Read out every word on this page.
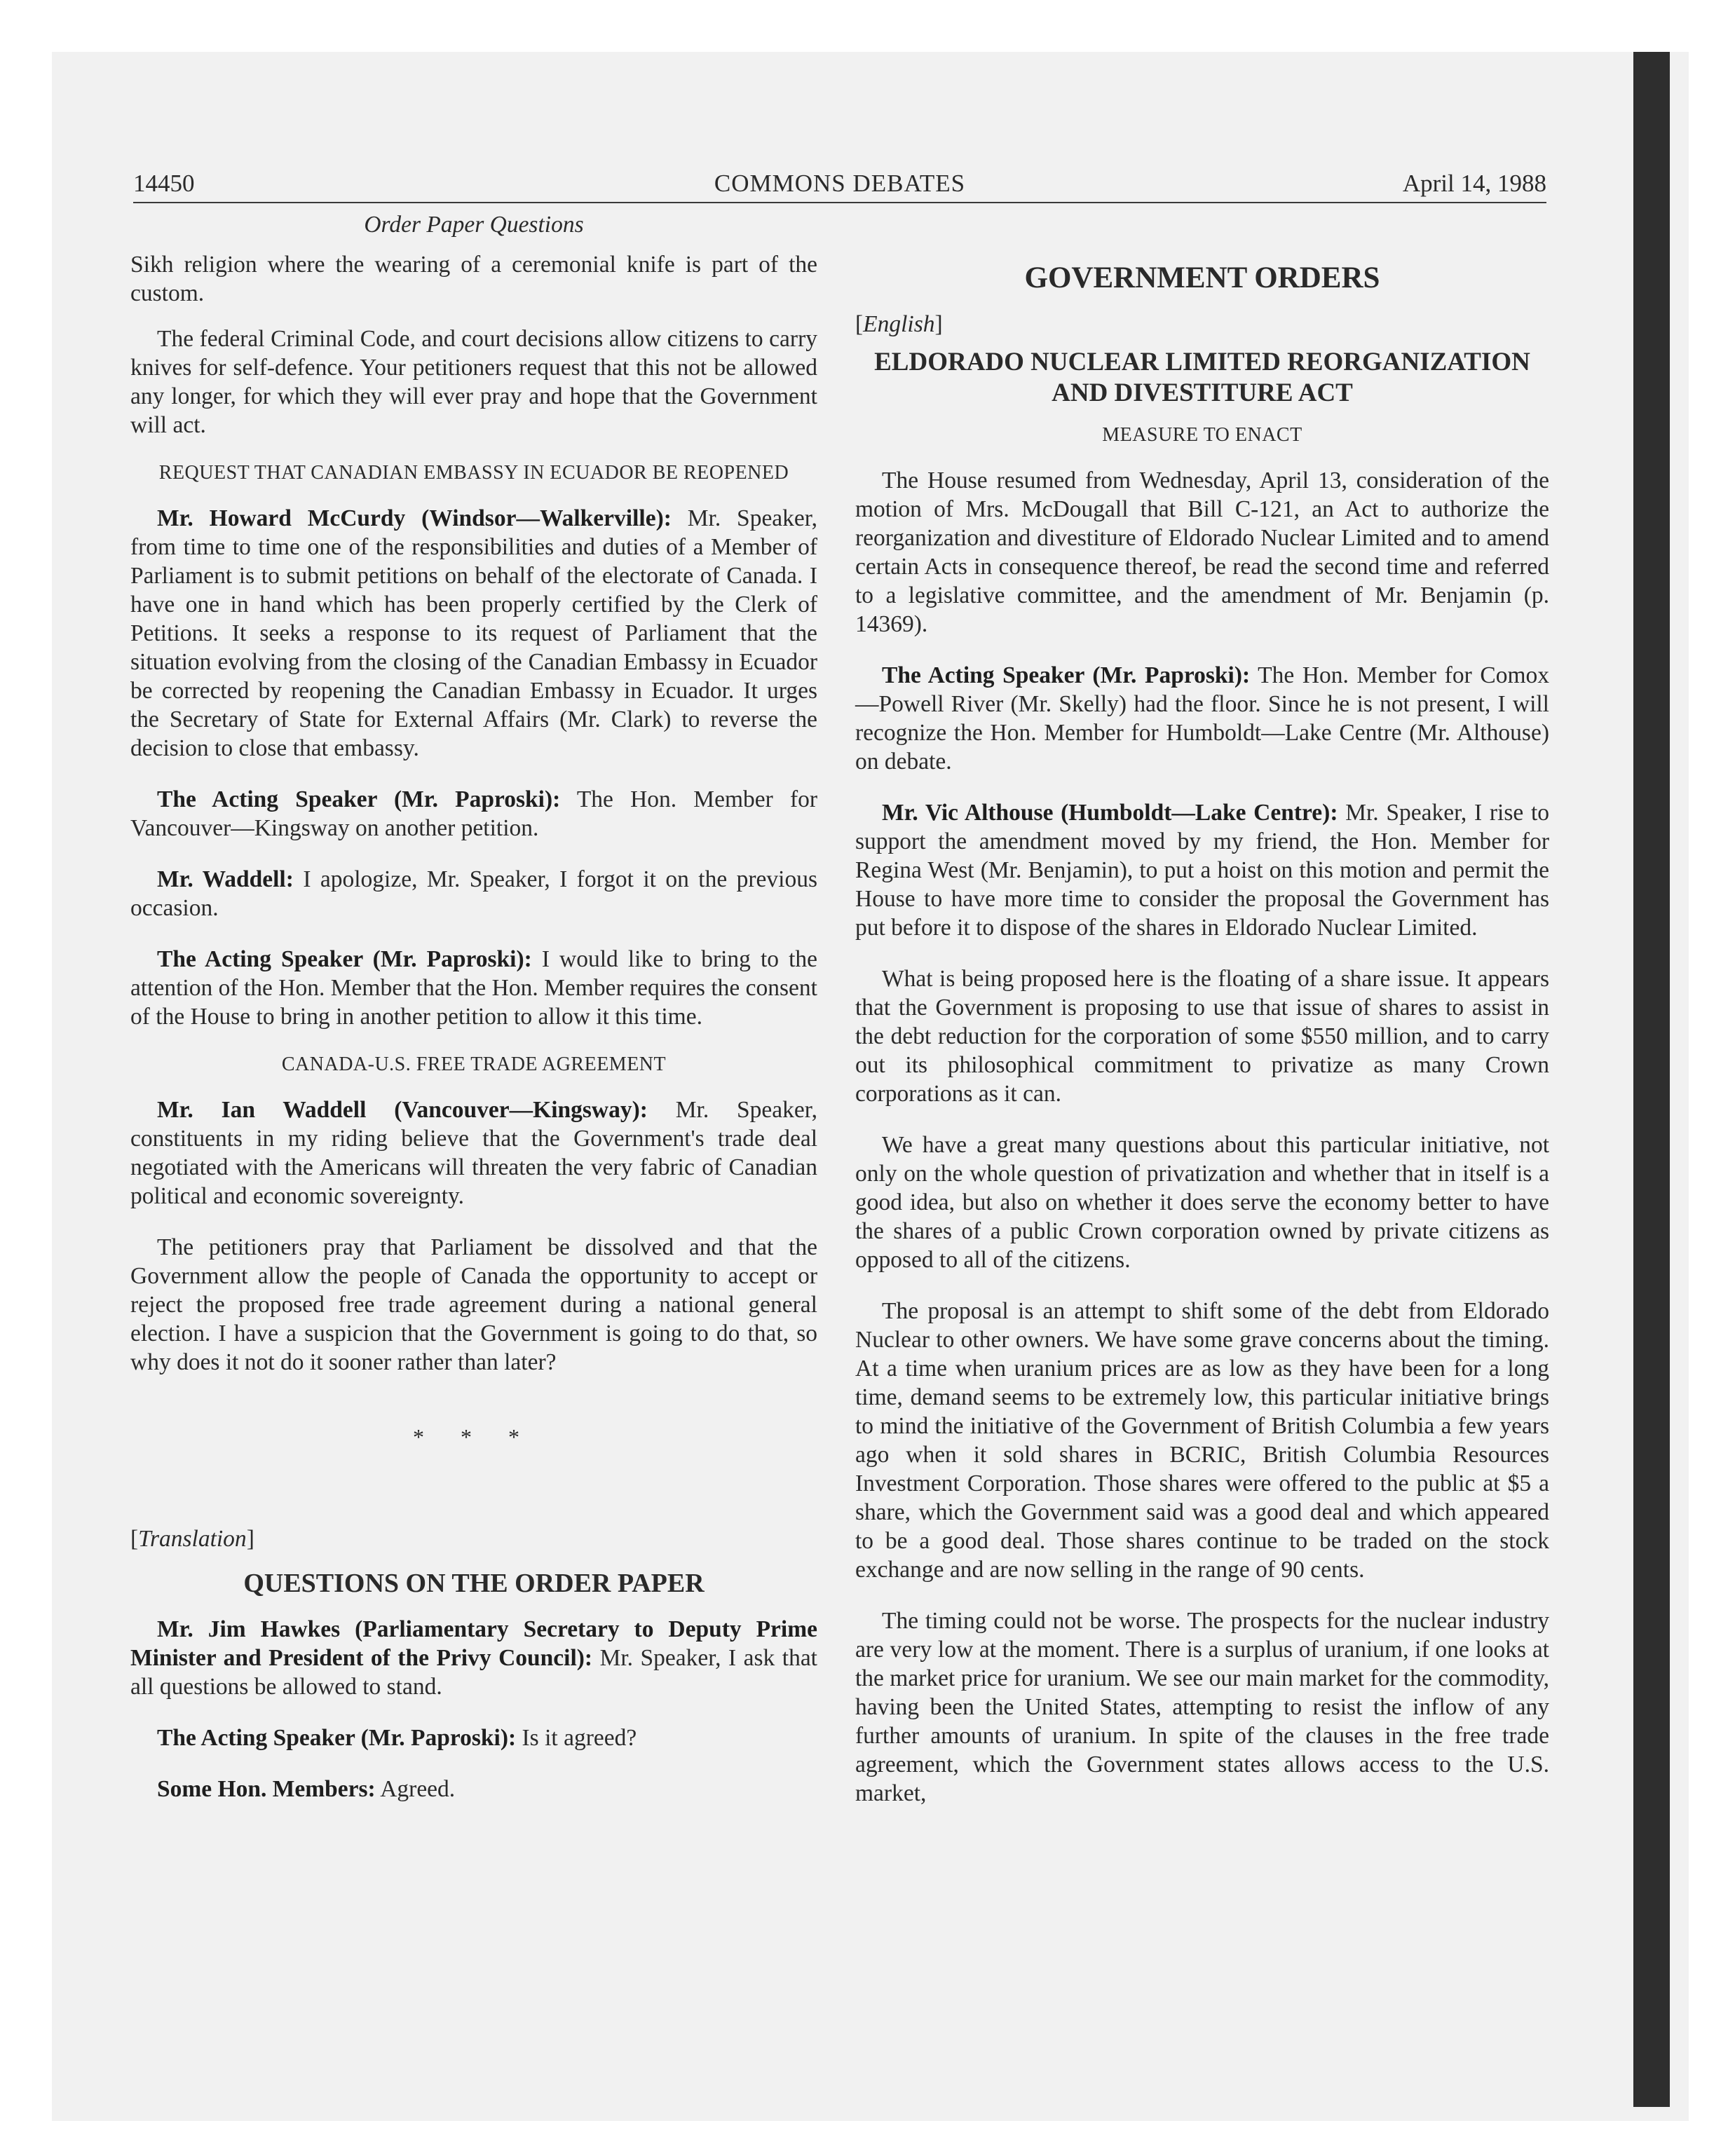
14450	COMMONS DEBATES	April 14, 1988
Order Paper Questions

Sikh religion where the wearing of a ceremonial knife is part of the custom.

The federal Criminal Code, and court decisions allow citizens to carry knives for self-defence. Your petitioners request that this not be allowed any longer, for which they will ever pray and hope that the Government will act.

REQUEST THAT CANADIAN EMBASSY IN ECUADOR BE REOPENED

Mr. Howard McCurdy (Windsor—Walkerville): Mr. Speaker, from time to time one of the responsibilities and duties of a Member of Parliament is to submit petitions on behalf of the electorate of Canada. I have one in hand which has been properly certified by the Clerk of Petitions. It seeks a response to its request of Parliament that the situation evolving from the closing of the Canadian Embassy in Ecuador be corrected by reopening the Canadian Embassy in Ecuador. It urges the Secretary of State for External Affairs (Mr. Clark) to reverse the decision to close that embassy.

The Acting Speaker (Mr. Paproski): The Hon. Member for Vancouver—Kingsway on another petition.

Mr. Waddell: I apologize, Mr. Speaker, I forgot it on the previous occasion.

The Acting Speaker (Mr. Paproski): I would like to bring to the attention of the Hon. Member that the Hon. Member requires the consent of the House to bring in another petition to allow it this time.

CANADA-U.S. FREE TRADE AGREEMENT

Mr. Ian Waddell (Vancouver—Kingsway): Mr. Speaker, constituents in my riding believe that the Government's trade deal negotiated with the Americans will threaten the very fabric of Canadian political and economic sovereignty.

The petitioners pray that Parliament be dissolved and that the Government allow the people of Canada the opportunity to accept or reject the proposed free trade agreement during a national general election. I have a suspicion that the Government is going to do that, so why does it not do it sooner rather than later?

* * *
[Translation]
QUESTIONS ON THE ORDER PAPER

Mr. Jim Hawkes (Parliamentary Secretary to Deputy Prime Minister and President of the Privy Council): Mr. Speaker, I ask that all questions be allowed to stand.

The Acting Speaker (Mr. Paproski): Is it agreed?

Some Hon. Members: Agreed.

GOVERNMENT ORDERS
[English]
ELDORADO NUCLEAR LIMITED REORGANIZATION AND DIVESTITURE ACT
MEASURE TO ENACT

The House resumed from Wednesday, April 13, consideration of the motion of Mrs. McDougall that Bill C-121, an Act to authorize the reorganization and divestiture of Eldorado Nuclear Limited and to amend certain Acts in consequence thereof, be read the second time and referred to a legislative committee, and the amendment of Mr. Benjamin (p. 14369).

The Acting Speaker (Mr. Paproski): The Hon. Member for Comox—Powell River (Mr. Skelly) had the floor. Since he is not present, I will recognize the Hon. Member for Humboldt—Lake Centre (Mr. Althouse) on debate.

Mr. Vic Althouse (Humboldt—Lake Centre): Mr. Speaker, I rise to support the amendment moved by my friend, the Hon. Member for Regina West (Mr. Benjamin), to put a hoist on this motion and permit the House to have more time to consider the proposal the Government has put before it to dispose of the shares in Eldorado Nuclear Limited.

What is being proposed here is the floating of a share issue. It appears that the Government is proposing to use that issue of shares to assist in the debt reduction for the corporation of some $550 million, and to carry out its philosophical commitment to privatize as many Crown corporations as it can.

We have a great many questions about this particular initiative, not only on the whole question of privatization and whether that in itself is a good idea, but also on whether it does serve the economy better to have the shares of a public Crown corporation owned by private citizens as opposed to all of the citizens.

The proposal is an attempt to shift some of the debt from Eldorado Nuclear to other owners. We have some grave concerns about the timing. At a time when uranium prices are as low as they have been for a long time, demand seems to be extremely low, this particular initiative brings to mind the initiative of the Government of British Columbia a few years ago when it sold shares in BCRIC, British Columbia Resources Investment Corporation. Those shares were offered to the public at $5 a share, which the Government said was a good deal and which appeared to be a good deal. Those shares continue to be traded on the stock exchange and are now selling in the range of 90 cents.

The timing could not be worse. The prospects for the nuclear industry are very low at the moment. There is a surplus of uranium, if one looks at the market price for uranium. We see our main market for the commodity, having been the United States, attempting to resist the inflow of any further amounts of uranium. In spite of the clauses in the free trade agreement, which the Government states allows access to the U.S. market,
